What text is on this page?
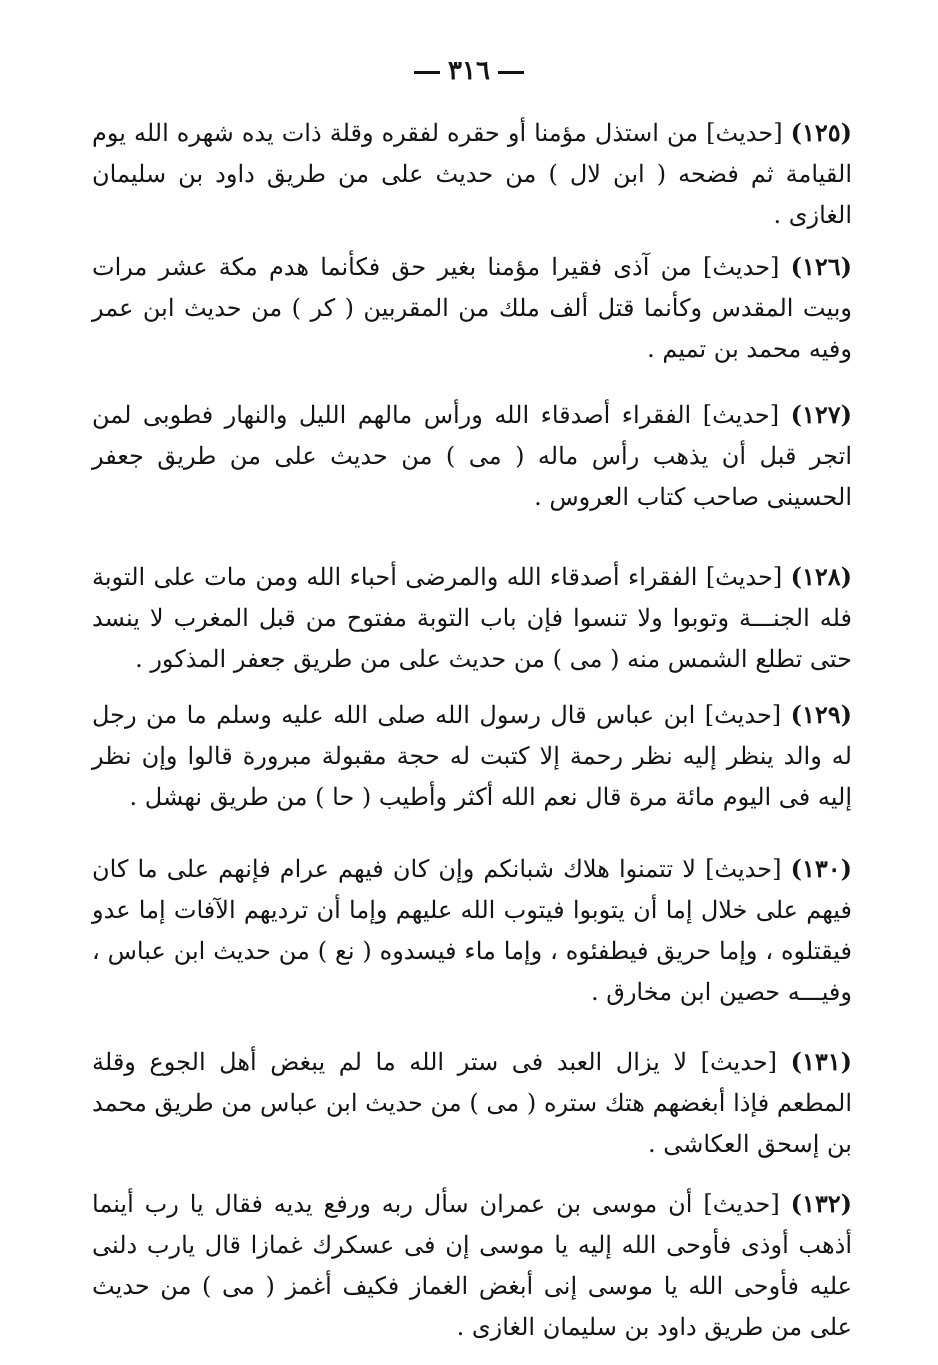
٣١٦

(١٢٥) [حديث] من استذل مؤمنا أو حقره لفقره وقلة ذات يده شهره الله يوم القيامة ثم فضحه ( ابن لال ) من حديث على من طريق داود بن سليمان الغازى .

(١٢٦) [حديث] من آذى فقيرا مؤمنا بغير حق فكأنما هدم مكة عشر مرات وبيت المقدس وكأنما قتل ألف ملك من المقربين ( كر ) من حديث ابن عمر وفيه محمد بن تميم .

(١٢٧) [حديث] الفقراء أصدقاء الله ورأس مالهم الليل والنهار فطوبى لمن اتجر قبل أن يذهب رأس ماله ( مى ) من حديث على من طريق جعفر الحسينى صاحب كتاب العروس .

(١٢٨) [حديث] الفقراء أصدقاء الله والمرضى أحباء الله ومن مات على التوبة فله الجنـــة وتوبوا ولا تنسوا فإن باب التوبة مفتوح من قبل المغرب لا ينسد حتى تطلع الشمس منه ( مى ) من حديث على من طريق جعفر المذكور .

(١٢٩) [حديث] ابن عباس قال رسول الله صلى الله عليه وسلم ما من رجل له والد ينظر إليه نظر رحمة إلا كتبت له حجة مقبولة مبرورة قالوا وإن نظر إليه فى اليوم مائة مرة قال نعم الله أكثر وأطيب ( حا ) من طريق نهشل .

(١٣٠) [حديث] لا تتمنوا هلاك شبانكم وإن كان فيهم عرام فإنهم على ما كان فيهم على خلال إما أن يتوبوا فيتوب الله عليهم وإما أن ترديهم الآفات إما عدو فيقتلوه ، وإما حريق فيطفئوه ، وإما ماء فيسدوه ( نع ) من حديث ابن عباس ، وفيـــه حصين ابن مخارق .

(١٣١) [حديث] لا يزال العبد فى ستر الله ما لم يبغض أهل الجوع وقلة المطعم فإذا أبغضهم هتك ستره ( مى ) من حديث ابن عباس من طريق محمد بن إسحق العكاشى .

(١٣٢) [حديث] أن موسى بن عمران سأل ربه ورفع يديه فقال يا رب أينما أذهب أوذى فأوحى الله إليه يا موسى إن فى عسكرك غمازا قال يارب دلنى عليه فأوحى الله يا موسى إنى أبغض الغماز فكيف أغمز ( مى ) من حديث على من طريق داود بن سليمان الغازى .
